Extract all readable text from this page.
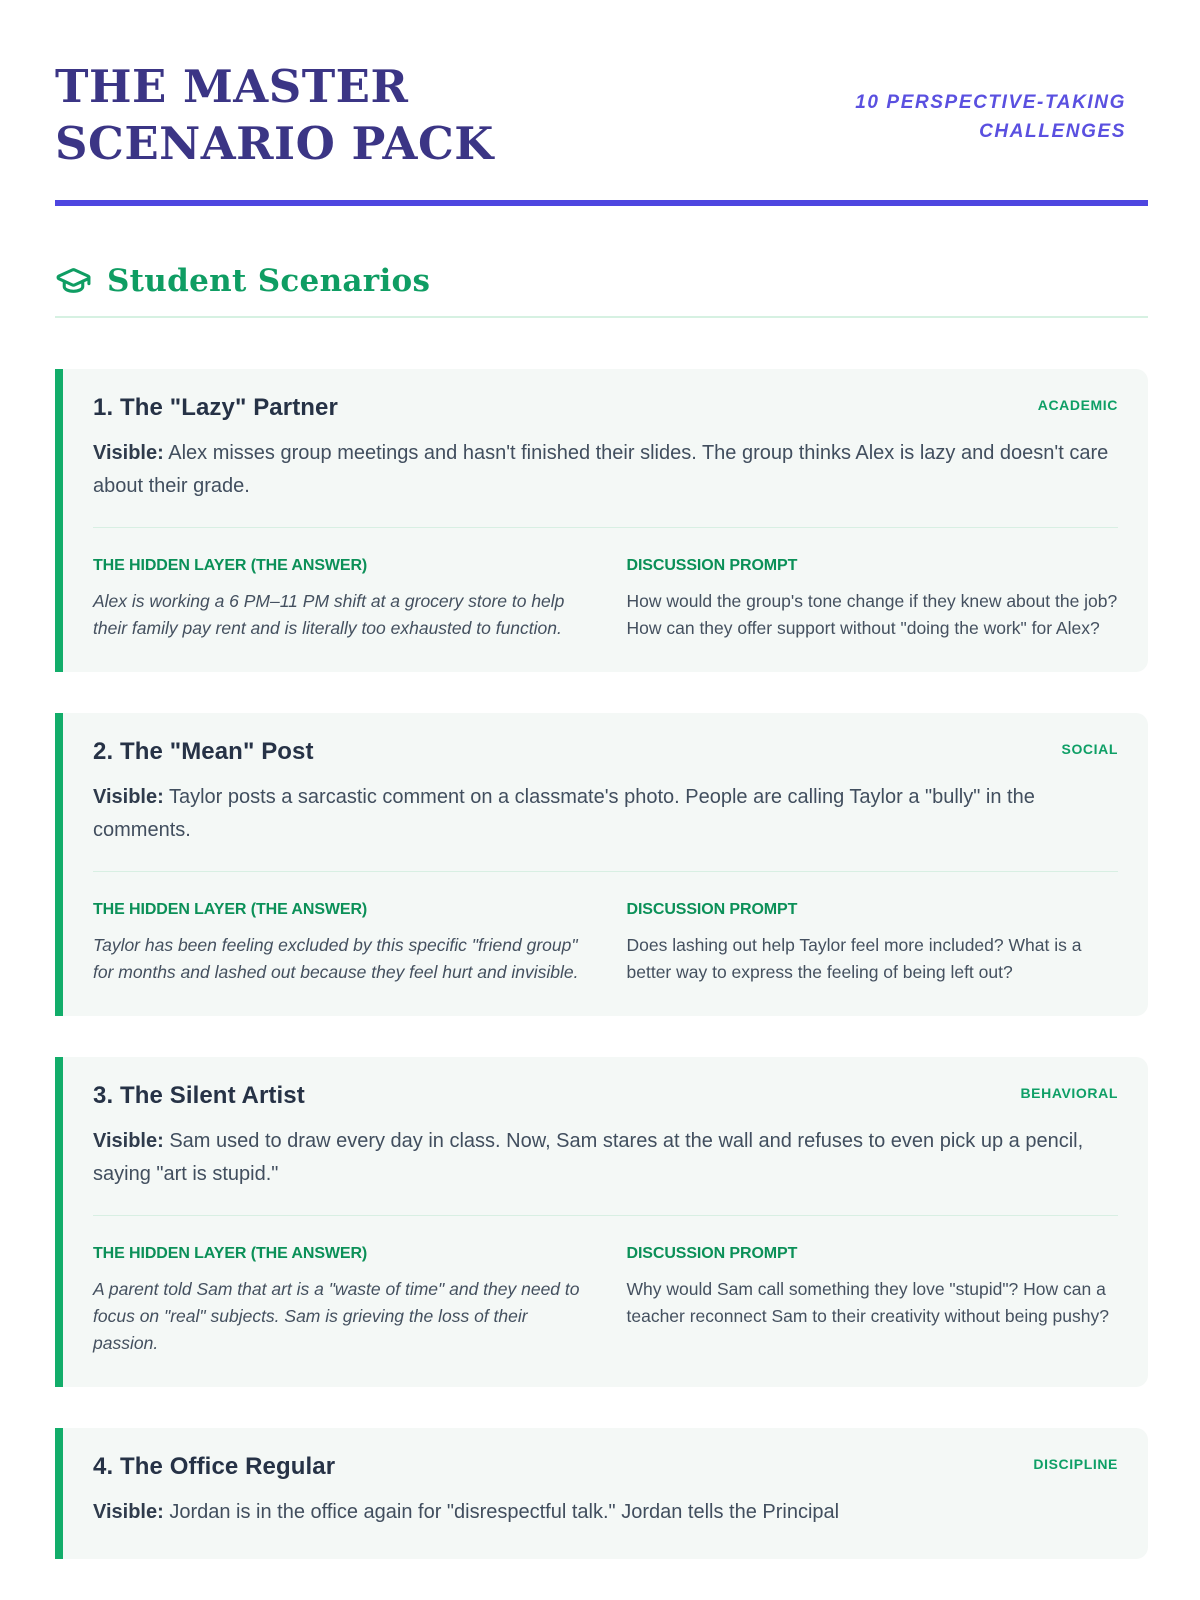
THE MASTER SCENARIO PACK
10 PERSPECTIVE-TAKING
CHALLENGES
Student Scenarios
1. The "Lazy" Partner	ACADEMIC

Visible: Alex misses group meetings and hasn't finished their slides. The group thinks Alex is lazy and doesn't care about their grade.

THE HIDDEN LAYER (THE ANSWER)
Alex is working a 6 PM–11 PM shift at a grocery store to help their family pay rent and is literally too exhausted to function.
DISCUSSION PROMPT
How would the group's tone change if they knew about the job? How can they offer support without "doing the work" for Alex?
2. The "Mean" Post	SOCIAL

Visible: Taylor posts a sarcastic comment on a classmate's photo. People are calling Taylor a "bully" in the comments.

THE HIDDEN LAYER (THE ANSWER)
Taylor has been feeling excluded by this specific "friend group" for months and lashed out because they feel hurt and invisible.
DISCUSSION PROMPT
Does lashing out help Taylor feel more included? What is a better way to express the feeling of being left out?
3. The Silent Artist	BEHAVIORAL

Visible: Sam used to draw every day in class. Now, Sam stares at the wall and refuses to even pick up a pencil, saying "art is stupid."

THE HIDDEN LAYER (THE ANSWER)
A parent told Sam that art is a "waste of time" and they need to focus on "real" subjects. Sam is grieving the loss of their passion.
DISCUSSION PROMPT
Why would Sam call something they love "stupid"? How can a teacher reconnect Sam to their creativity without being pushy?
4. The Office Regular	DISCIPLINE

Visible: Jordan is in the office again for "disrespectful talk." Jordan tells the Principal
